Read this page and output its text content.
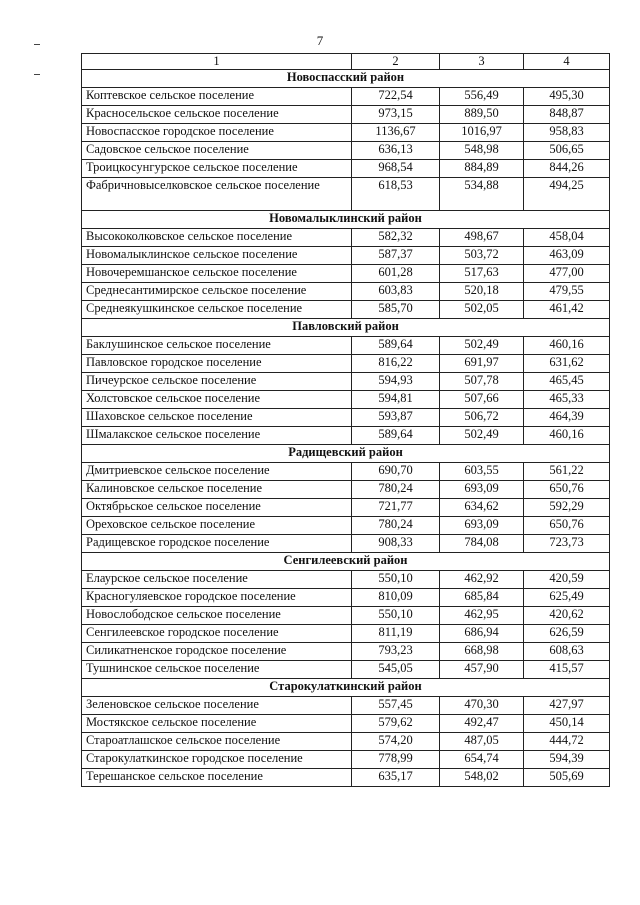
7
1	2	3	4
Новоспасский район			
Коптевское сельское поселение	722,54	556,49	495,30
Красносельское сельское поселение	973,15	889,50	848,87
Новоспасское городское поселение	1136,67	1016,97	958,83
Садовское сельское поселение	636,13	548,98	506,65
Троицкосунгурское сельское поселение	968,54	884,89	844,26
Фабричновыселковское сельское поселение	618,53	534,88	494,25
Новомалыклинский район			
Высококолковское сельское поселение	582,32	498,67	458,04
Новомалыклинское сельское поселение	587,37	503,72	463,09
Новочеремшанское сельское поселение	601,28	517,63	477,00
Среднесантимирское сельское поселение	603,83	520,18	479,55
Среднеякушкинское сельское поселение	585,70	502,05	461,42
Павловский район			
Баклушинское сельское поселение	589,64	502,49	460,16
Павловское городское поселение	816,22	691,97	631,62
Пичеурское сельское поселение	594,93	507,78	465,45
Холстовское сельское поселение	594,81	507,66	465,33
Шаховское сельское поселение	593,87	506,72	464,39
Шмалакское сельское поселение	589,64	502,49	460,16
Радищевский район			
Дмитриевское сельское поселение	690,70	603,55	561,22
Калиновское сельское поселение	780,24	693,09	650,76
Октябрьское сельское поселение	721,77	634,62	592,29
Ореховское сельское поселение	780,24	693,09	650,76
Радищевское городское поселение	908,33	784,08	723,73
Сенгилеевский район			
Елаурское сельское поселение	550,10	462,92	420,59
Красногуляевское городское поселение	810,09	685,84	625,49
Новослободское сельское поселение	550,10	462,95	420,62
Сенгилеевское городское поселение	811,19	686,94	626,59
Силикатненское городское поселение	793,23	668,98	608,63
Тушнинское сельское поселение	545,05	457,90	415,57
Старокулаткинский район			
Зеленовское сельское поселение	557,45	470,30	427,97
Мостякское сельское поселение	579,62	492,47	450,14
Староатлашское сельское поселение	574,20	487,05	444,72
Старокулаткинское городское поселение	778,99	654,74	594,39
Терешанское сельское поселение	635,17	548,02	505,69
